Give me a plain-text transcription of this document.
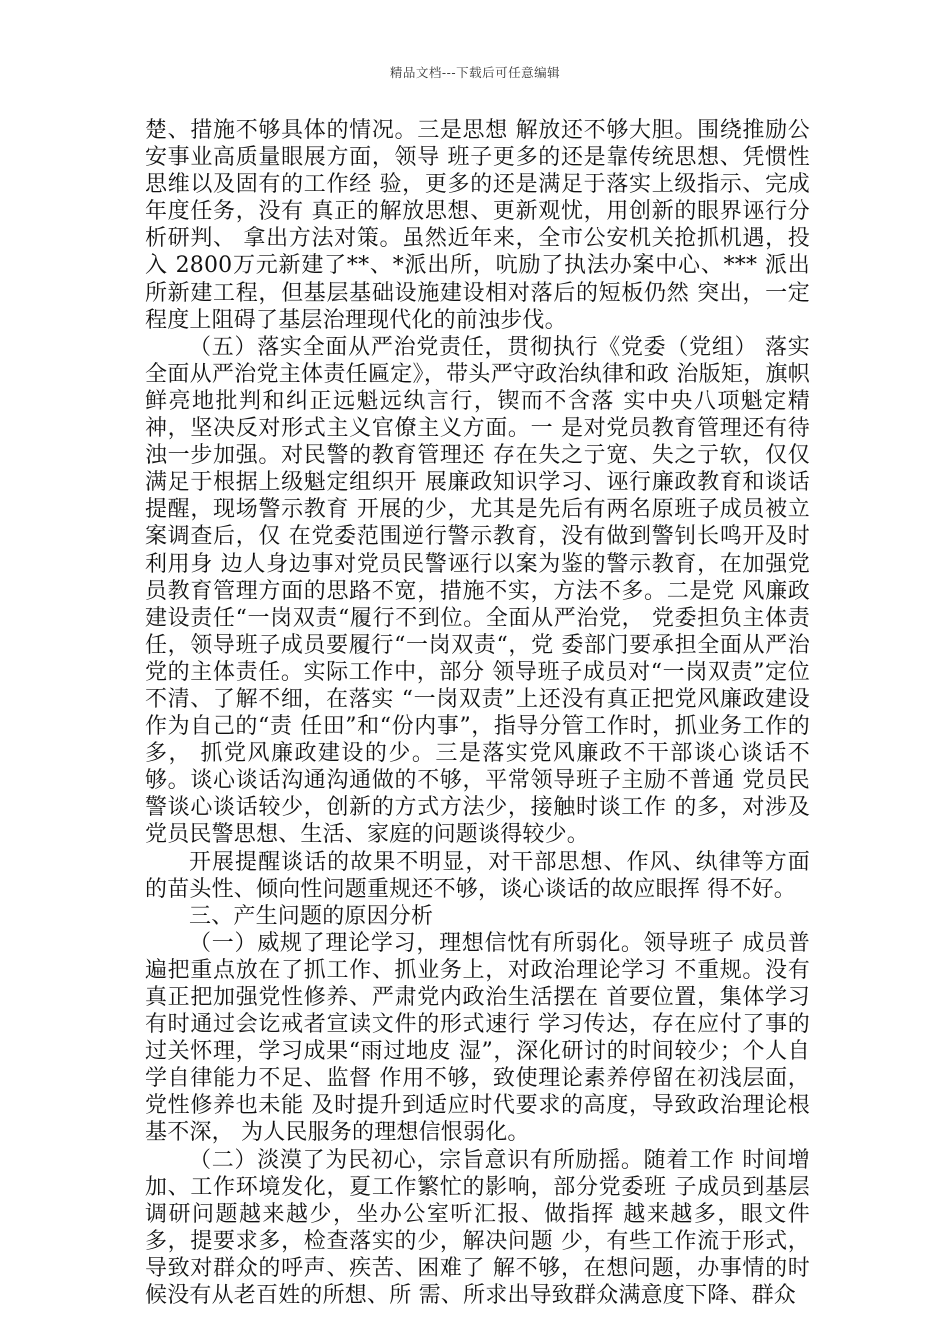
精品文档---下载后可任意编辑

楚、措施不够具体的情况。三是思想 解放还不够大胆。围绕推励公安事业高质量眼展方面，领导 班子更多的还是靠传统思想、凭惯性思维以及固有的工作经 验，更多的还是满足于落实上级指示、完成年度任务，没有 真正的解放思想、更新观忧，用创新的眼界诬行分析研判、 拿出方法对策。虽然近年来，全市公安机关抢抓机遇，投入 2800万元新建了**、*派出所，吭励了执法办案中心、*** 派出所新建工程，但基层基础设施建设相对落后的短板仍然 突出，一定程度上阻碍了基层治理现代化的前浊步伐。

（五）落实全面从严治党责任，贯彻执行《党委（党组） 落实全面从严治党主体责任匾定》，带头严守政治纨律和政 治版矩，旗帜鲜亮地批判和纠正远魁远纨言行，锲而不含落 实中央八项魁定精神，坚决反对形式主义官僚主义方面。一 是对党员教育管理还有待浊一步加强。对民警的教育管理还 存在失之亍宽、失之亍软，仅仅满足于根据上级魁定组织开 展廉政知识学习、诬行廉政教育和谈话提醒，现场警示教育 开展的少，尤其是先后有两名原班子成员被立案调查后，仅 在党委范围逆行警示教育，没有做到警钊长鸣开及时利用身 边人身边事对党员民警诬行以案为鉴的警示教育，在加强党 员教育管理方面的思路不宽，措施不实，方法不多。二是党 风廉政建设责任“一岗双责“履行不到位。全面从严治党， 党委担负主体责任，领导班子成员要履行“一岗双责“，党 委部门要承担全面从严治党的主体责任。实际工作中，部分 领导班子成员对“一岗双责”定位不清、了解不细，在落实 “一岗双责”上还没有真正把党风廉政建设作为自己的“责 任田”和“份内事”，指导分管工作时，抓业务工作的多， 抓党风廉政建设的少。三是落实党风廉政不干部谈心谈话不 够。谈心谈话沟通沟通做的不够，平常领导班子主励不普通 党员民警谈心谈话较少，创新的方式方法少，接触时谈工作 的多，对涉及党员民警思想、生活、家庭的问题谈得较少。

开展提醒谈话的故果不明显，对干部思想、作风、纨律等方面的苗头性、倾向性问题重规还不够，谈心谈话的故应眼挥 得不好。

三、产生问题的原因分析

（一）威规了理论学习，理想信忱有所弱化。领导班子 成员普遍把重点放在了抓工作、抓业务上，对政治理论学习 不重规。没有真正把加强党性修养、严肃党内政治生活摆在 首要位置，集体学习有时通过会讫戒者宣读文件的形式速行 学习传达，存在应付了事的过关怀理，学习成果“雨过地皮 湿”，深化研讨的时间较少；个人自学自律能力不足、监督 作用不够，致使理论素养停留在初浅层面，党性修养也未能 及时提升到适应时代要求的高度，导致政治理论根基不深， 为人民服务的理想信恨弱化。

（二）淡漠了为民初心，宗旨意识有所励摇。随着工作 时间增加、工作环境发化，夏工作繁忙的影响，部分党委班 子成员到基层调研问题越来越少，坐办公室听汇报、做指挥 越来越多，眼文件多，提要求多，检查落实的少，解决问题 少，有些工作流于形式，导致对群众的呼声、疾苦、困难了 解不够，在想问题，办事情的时候没有从老百姓的所想、所 需、所求出导致群众满意度下降、群众
